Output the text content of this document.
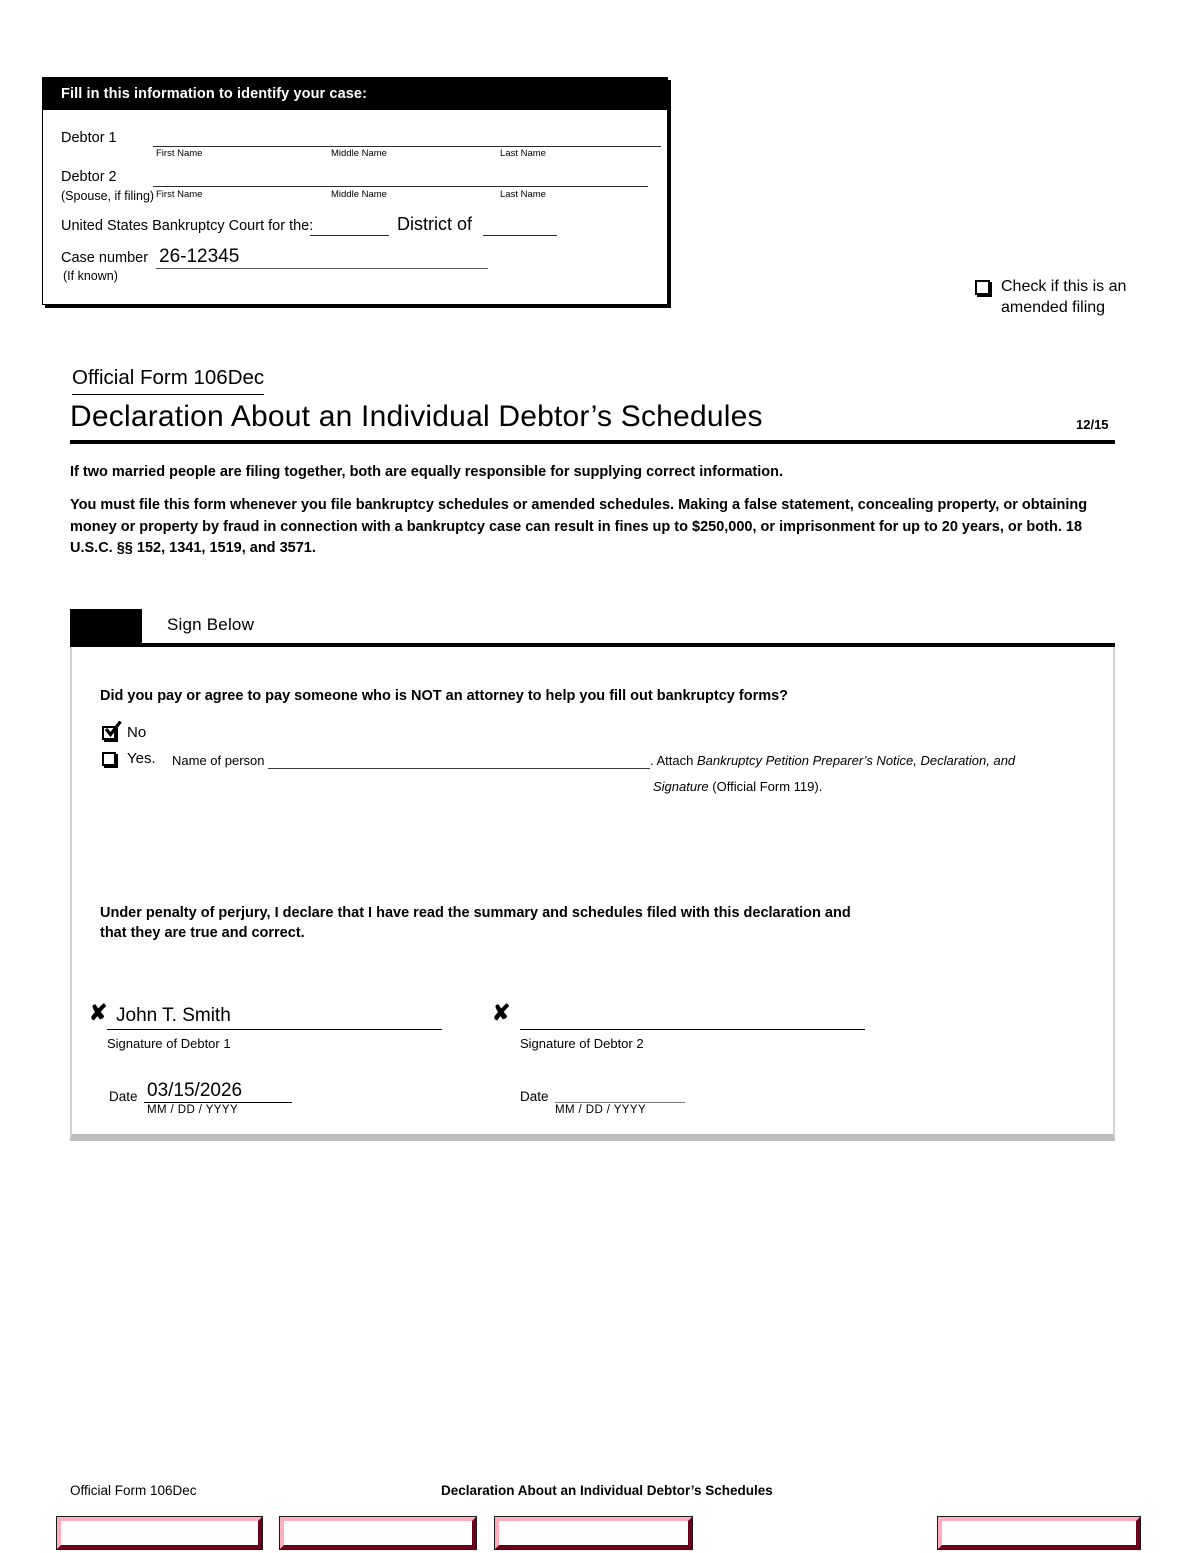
Fill in this information to identify your case:
Debtor 1
First Name	Middle Name	Last Name
Debtor 2
(Spouse, if filing) First Name	Middle Name	Last Name
United States Bankruptcy Court for the:	District of
Case number
(If known)
26-12345
Check if this is an amended filing
Official Form 106Dec
Declaration About an Individual Debtor’s Schedules	12/15
If two married people are filing together, both are equally responsible for supplying correct information.
You must file this form whenever you file bankruptcy schedules or amended schedules. Making a false statement, concealing property, or obtaining money or property by fraud in connection with a bankruptcy case can result in fines up to $250,000, or imprisonment for up to 20 years, or both. 18 U.S.C. §§ 152, 1341, 1519, and 3571.
Sign Below
Did you pay or agree to pay someone who is NOT an attorney to help you fill out bankruptcy forms?
No
Yes. Name of person	. Attach Bankruptcy Petition Preparer’s Notice, Declaration, and
Signature (Official Form 119).
Under penalty of perjury, I declare that I have read the summary and schedules filed with this declaration and
that they are true and correct.
✘ John T. Smith
Signature of Debtor 1
✘
Signature of Debtor 2
Date 03/15/2026
MM / DD / YYYY
Date
MM / DD / YYYY
Official Form 106Dec	Declaration About an Individual Debtor’s Schedules
